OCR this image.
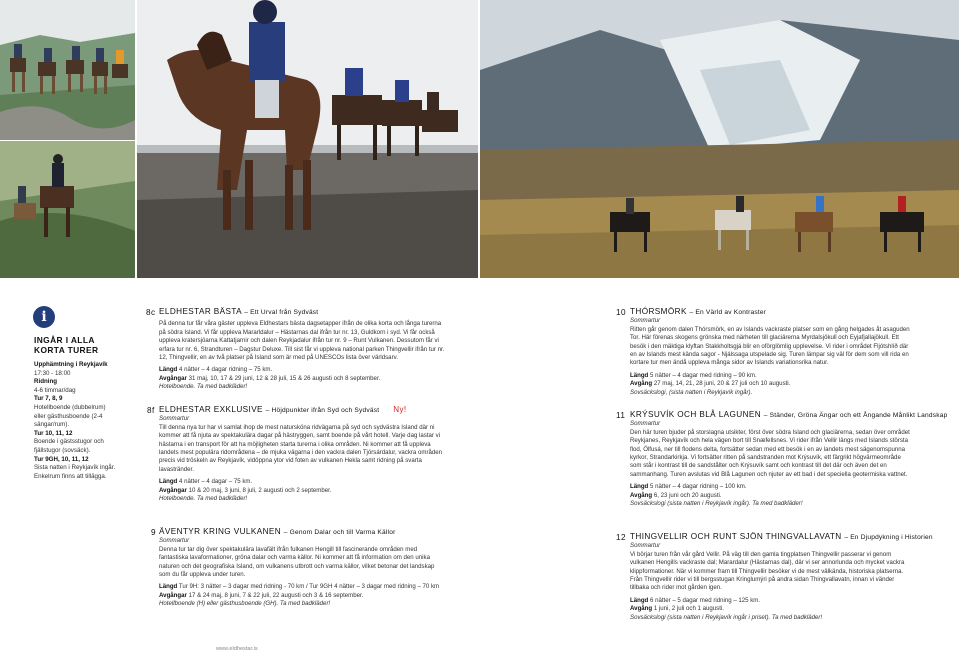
i
INGÅR I ALLA KORTA TURER
Upphämtning i Reykjavík
17:30 - 18:00
Ridning
4-6 timmar/dag
Tur 7, 8, 9
Hotellboende (dubbelrum)
eller gästhusboende (2-4
sängar/rum).
Tur 10, 11, 12
Boende i gästsstugor och
fjällstugor (sovsäck).
Tur 9GH, 10, 11, 12
Sista natten i Reykjavík ingår.
Enkelrum finns att tillägga.
8c ELDHESTAR BÄSTA – Ett Urval från Sydväst

På denna tur får våra gäster uppleva Eldhestars bästa dagsetapper ifrån de olika korta och långa turerna på södra Island. Vi får uppleva Mararldalur – Hästarnas dal ifrån tur nr. 13, Guldkorn i syd. Vi får också uppleva kratersjöarna Kattatjarnir och dalen Reykjadalur ifrån tur nr. 9 – Runt Vulkanen. Dessutom får vi erfara tur nr. 6, Strandturen – Dagstur Deluxe. Till sist får vi uppleva national parken Thingvellir ifrån tur nr. 12, Thingvellir, en av två platser på Island som är med på UNESCOs lista över världsarv.

Längd 4 nätter – 4 dagar ridning – 75 km.
Avgångar 31 maj, 10, 17 & 29 juni, 12 & 28 juli, 15 & 26 augusti och 8 september.
Hotelboende. Ta med badkläder!
8f ELDHESTAR EXKLUSIVE – Höjdpunkter ifrån Syd och Sydväst Ny!
Sommartur

Till denna nya tur har vi samlat ihop de mest natursköna ridvägarna på syd och sydvästra Island där ni kommer att få njuta av spektakulära dagar på hästryggen, samt boende på vårt hotell. Varje dag lastar vi hästarna i en transport för att ha möjligheten starta turerna i olika områden. Ni kommer att få uppleva landets mest populära ridområdena – de mjuka vägarna i den vackra dalen Tjórsárdalur, vackra områden precis vid tröskeln av Reykjavík, vidöppna ytor vid foten av vulkanen Hekla samt ridning på svarta lavastränder.

Längd 4 nätter – 4 dagar – 75 km.
Avgångar 10 & 20 maj, 3 juni, 8 juli, 2 augusti och 2 september.
Hotelboende. Ta med badkläder!
9 ÄVENTYR KRING VULKANEN – Genom Dalar och till Varma Källor
Sommartur

Denna tur tar dig över spektakulära lavafält ifrån fulkanen Hengill till fascinerande områden med fantastiska lavaformationer, gröna dalar och varma källor. Ni kommer att få information om den unika naturen och det geografiska Island, om vulkanens utbrott och varma källor, vilket betonar det landskap som du får uppleva under turen.

Längd Tur 9H: 3 nätter – 3 dagar med ridning - 70 km / Tur 9GH 4 nätter – 3 dagar med ridning – 70 km
Avgångar 17 & 24 maj, 8 juni, 7 & 22 juli, 22 augusti och 3 & 16 september.
Hotellboende (H) eller gästhusboende (GH). Ta med badkläder!
10 THÓRSMÖRK – En Värld av Kontraster
Sommartur

Ritten går genom dalen Thórsmörk, en av Islands vackraste platser som en gång helgades åt asaguden Tor. Här förenas skogens grönska med närheten till glaciärerna Myrdalsjökull och Eyjafjallajökull. Ett besök i den mäktiga klyftan Stakkholtsgjá blir en oförglömlig upplevelse. Vi rider i området Fljótshlíð där en av Islands mest kända sagor - Njálssaga utspelade sig. Turen lämpar sig väl för dem som vill rida en kortare tur men ändå uppleva många sidor av Islands variationsrika natur.

Längd 5 nätter – 4 dagar med ridning – 90 km.
Avgång 27 maj, 14, 21, 28 juni, 20 & 27 juli och 10 augusti.
Sovsäckslogi, (sista natten i Reykjavík ingår).
11 KRÝSUVÍK OCH BLÅ LAGUNEN – Ständer, Gröna Ängar och ett Ångande Månlikt Landskap
Sommartur

Den här turen bjuder på storslagna utsikter, först över södra Island och glaciärerna, sedan över området Reykjanes, Reykjavík och hela vägen bort till Snæfellsnes. Vi rider ifrån Vellir längs med Islands största flod, Ölfusá, ner till flodens delta, fortsätter sedan med ett besök i en av landets mest sägenomspunna kyrkor, Strandarkirkja. Vi fortsätter ritten på sandstranden mot Krýsuvík, ett färgrikt högvärmeområde som står i kontrast till de sandstålter och Krýsuvík samt och kontrast till det där och även det en sammanhang. Turen avslutas vid Blå Lagunen och njuter av ett bad i det speciella geotermiska vattnet.

Längd 5 nätter – 4 dagar ridning – 100 km.
Avgång 6, 23 juni och 20 augusti.
Sovsäckslogi (sista natten i Reykjavík ingår). Ta med badkläder!
12 THINGVELLIR OCH RUNT SJÖN THINGVALLAVATN – En Djupdykning i Historien
Sommartur

Vi börjar turen från vår gård Vellir. På väg till den gamla tingplatsen Thingvellir passerar vi genom vulkanen Hengills vackraste dal; Marardalur (Hästarnas dal), där vi ser annorlunda och mycket vackra klippformationer. När vi kommer fram till Thingvellir besöker vi de mest välkända, historiska platserna. Från Thingvellir rider vi till bergsstugan Kringlumýri på andra sidan Thingvallavatn, innan vi vänder tillbaka och rider mot gården igen.

Längd 6 nätter – 5 dagar med ridning – 125 km.
Avgång 1 juni, 2 juli och 1 augusti.
Sovsäckslogi (sista natten i Reykjavík ingår i priset). Ta med badkläder!
www.eldhestar.is
